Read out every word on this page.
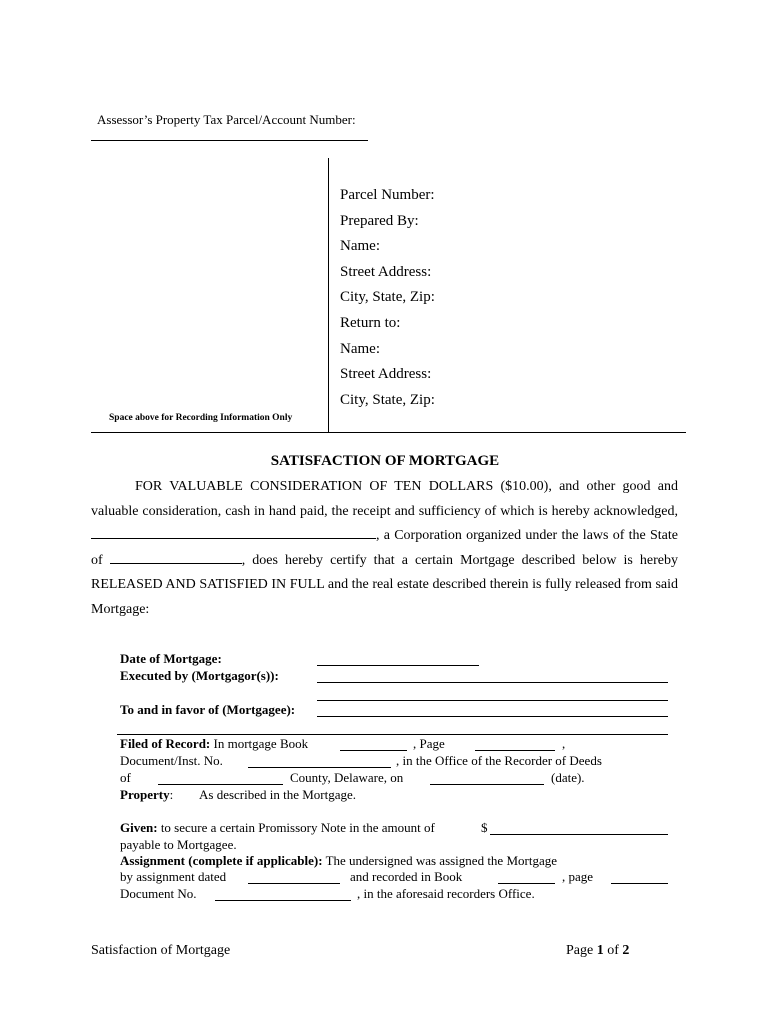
Assessor’s Property Tax Parcel/Account Number:
Parcel Number:
Prepared By:
Name:
Street Address:
City, State, Zip:
Return to:
Name:
Street Address:
City, State, Zip:
Space above for Recording Information Only
SATISFACTION OF MORTGAGE
FOR VALUABLE CONSIDERATION OF TEN DOLLARS ($10.00), and other good and
valuable consideration, cash in hand paid, the receipt and sufficiency of which is hereby acknowledged,
, a Corporation organized under the laws of the State
of	, does hereby certify that a certain Mortgage described below is hereby
RELEASED AND SATISFIED IN FULL and the real estate described therein is fully released from said
Mortgage:
Date of Mortgage:
Executed by (Mortgagor(s)):
To and in favor of (Mortgagee):
Filed of Record: In mortgage Book	, Page	,
Document/Inst. No.	, in the Office of the Recorder of Deeds
of	County, Delaware, on	(date).
Property: As described in the Mortgage.
Given: to secure a certain Promissory Note in the amount of	$
payable to Mortgagee.
Assignment (complete if applicable): The undersigned was assigned the Mortgage
by assignment dated	and recorded in Book	, page
Document No.	, in the aforesaid recorders Office.
Satisfaction of Mortgage	Page 1 of 2
